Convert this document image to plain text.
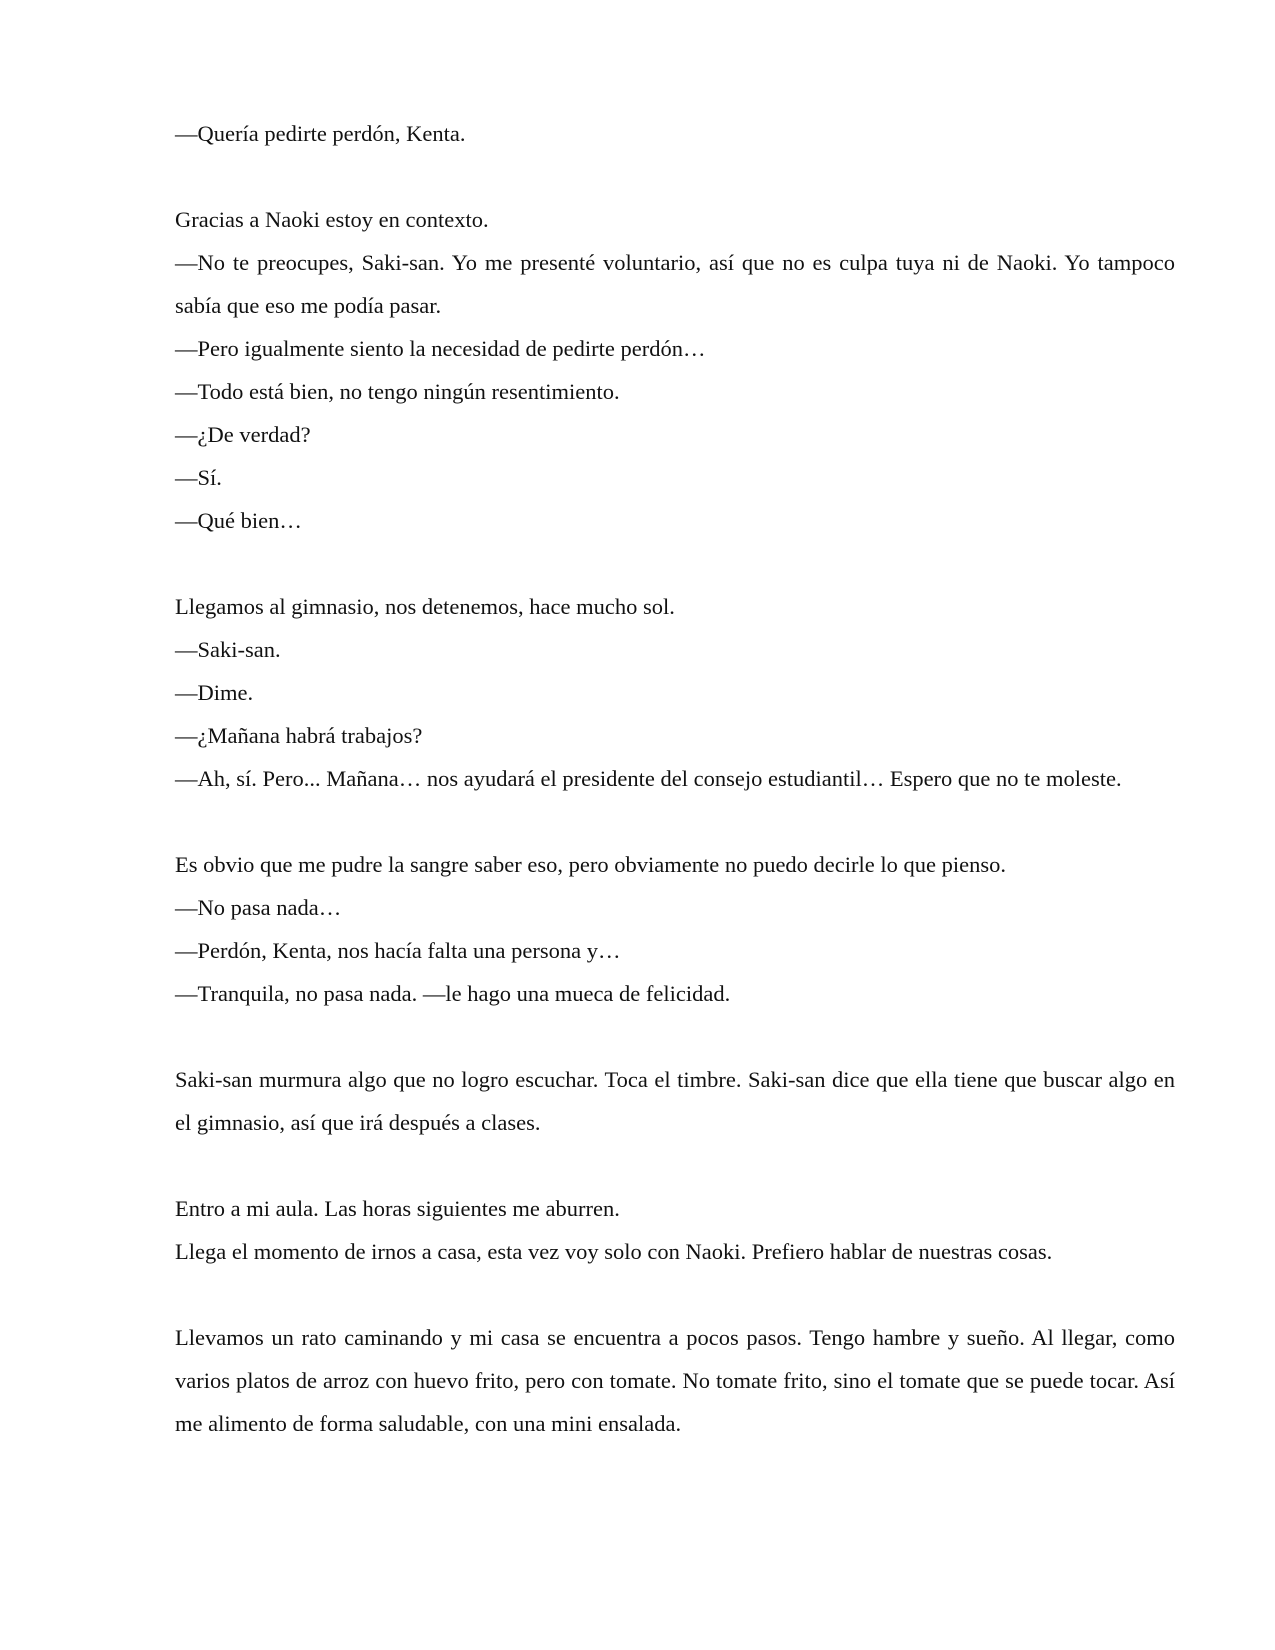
—Quería pedirte perdón, Kenta.

Gracias a Naoki estoy en contexto.

—No te preocupes, Saki-san. Yo me presenté voluntario, así que no es culpa tuya ni de Naoki. Yo tampoco sabía que eso me podía pasar.

—Pero igualmente siento la necesidad de pedirte perdón…

—Todo está bien, no tengo ningún resentimiento.

—¿De verdad?

—Sí.

—Qué bien…

Llegamos al gimnasio, nos detenemos, hace mucho sol.

—Saki-san.

—Dime.

—¿Mañana habrá trabajos?

—Ah, sí. Pero... Mañana… nos ayudará el presidente del consejo estudiantil… Espero que no te moleste.

Es obvio que me pudre la sangre saber eso, pero obviamente no puedo decirle lo que pienso.

—No pasa nada…

—Perdón, Kenta, nos hacía falta una persona y…

—Tranquila, no pasa nada. —le hago una mueca de felicidad.

Saki-san murmura algo que no logro escuchar. Toca el timbre. Saki-san dice que ella tiene que buscar algo en el gimnasio, así que irá después a clases.

Entro a mi aula. Las horas siguientes me aburren.

Llega el momento de irnos a casa, esta vez voy solo con Naoki. Prefiero hablar de nuestras cosas.

Llevamos un rato caminando y mi casa se encuentra a pocos pasos. Tengo hambre y sueño. Al llegar, como varios platos de arroz con huevo frito, pero con tomate. No tomate frito, sino el tomate que se puede tocar. Así me alimento de forma saludable, con una mini ensalada.
